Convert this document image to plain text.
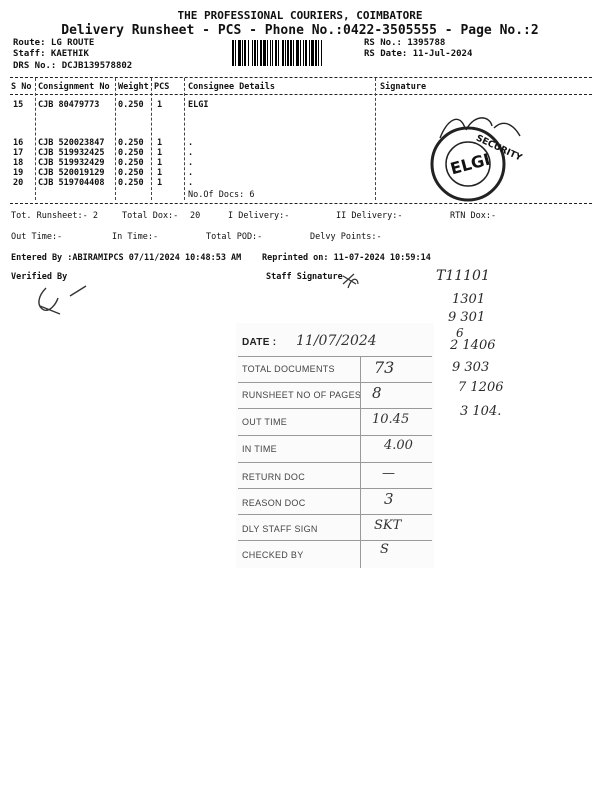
THE PROFESSIONAL COURIERS, COIMBATORE
Delivery Runsheet - PCS - Phone No.:0422-3505555 - Page No.:2
Route: LG ROUTE
Staff: KAETHIK
DRS No.: DCJB139578802
RS No.: 1395788
RS Date: 11-Jul-2024
S No Consignment No Weight PCS Consignee Details	Signature
15 CJB 80479773 0.250 1	ELGI
16 CJB 520023847 0.250 1	.
17 CJB 519932425 0.250 1	.
18 CJB 519932429 0.250 1	.
19 CJB 520019129 0.250 1	.
20 CJB 519704408 0.250 1	.
No.Of Docs: 6
ELGI
SECURITY
Tot. Runsheet:- 2	Total Dox:- 20	I Delivery:-	II Delivery:-	RTN Dox:-
Out Time:-	In Time:-	Total POD:-	Delvy Points:-
Entered By :ABIRAMIPCS 07/11/2024 10:48:53 AM Reprinted on: 11-07-2024 10:59:14
Verified By	Staff Signature	T11101
1301
9 301
6
2 1406
9 303
7 1206
3 104.
DATE : 11/07/2024
TOTAL DOCUMENTS 73
RUNSHEET NO OF PAGES 8
OUT TIME	10.45
IN TIME	4.00
RETURN DOC	—
REASON DOC	3
DLY STAFF SIGN	SKT
CHECKED BY	S
